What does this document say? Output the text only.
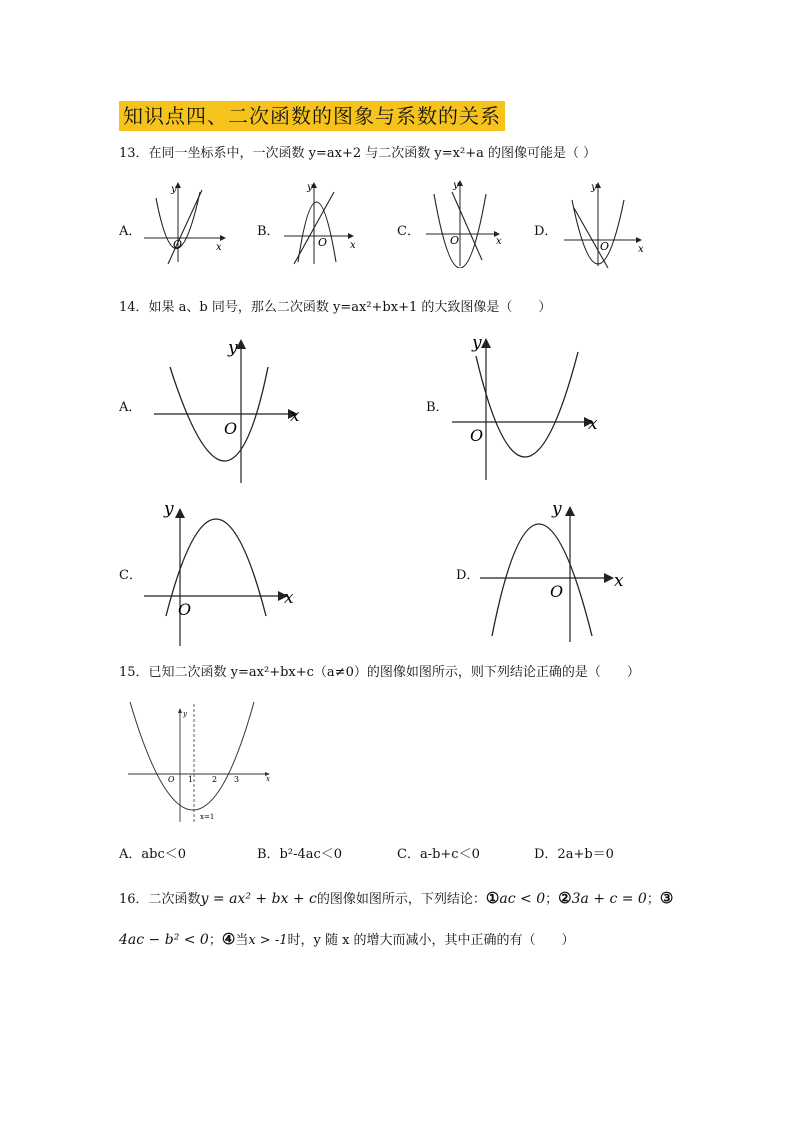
知识点四、二次函数的图象与系数的关系
13．在同一坐标系中，一次函数 y=ax+2 与二次函数 y=x²+a 的图像可能是（ ）
A．
y
x
O
B．
y
x
O
C．
y
x
O
D．
y
x
O
14．如果 a、b 同号，那么二次函数 y=ax²+bx+1 的大致图像是（　　）
A．
y
x
O
B．
y
x
O
C．
y
x
O
D．
y
x
O
15．已知二次函数 y=ax²+bx+c（a≠0）的图像如图所示，则下列结论正确的是（　　）
y
x
O 1 2 3
x=1
A．abc＜0	B．b²-4ac＜0	C．a-b+c＜0	D．2a+b＝0
16．二次函数y = ax² + bx + c的图像如图所示，下列结论：①ac < 0；②3a + c = 0；③
4ac − b² < 0；④当x > -1时，y 随 x 的增大而减小，其中正确的有（　　）
